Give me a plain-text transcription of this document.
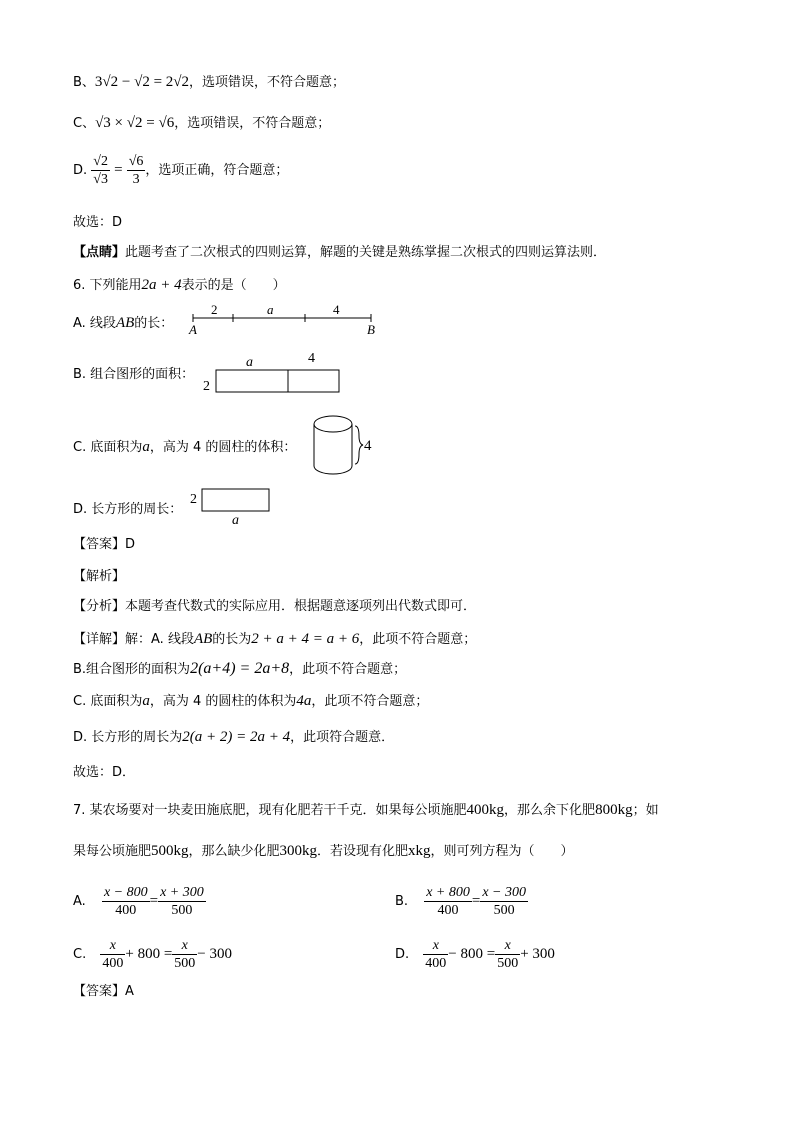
B、3√2 − √2 = 2√2，选项错误，不符合题意；
C、√3 × √2 = √6，选项错误，不符合题意；
D. $\frac{√2}{√3} = \frac{√6}{3}$ ，选项正确，符合题意；
故选：D
【点睛】此题考查了二次根式的四则运算，解题的关键是熟练掌握二次根式的四则运算法则．
6. 下列能用2a + 4表示的是（　　）
A. 线段AB的长：
2	a	4
A	B
B. 组合图形的面积：
a	4
2
C. 底面积为a，高为 4 的圆柱的体积：	4
D. 长方形的周长：
2
a
【答案】D
【解析】
【分析】本题考查代数式的实际应用．根据题意逐项列出代数式即可．
【详解】解：A. 线段AB的长为2 + a + 4 = a + 6，此项不符合题意；
B.组合图形的面积为2(a+4) = 2a+8，此项不符合题意；
C. 底面积为a，高为 4 的圆柱的体积为4a，此项不符合题意；
D. 长方形的周长为2(a + 2) = 2a + 4，此项符合题意．
故选：D．
7. 某农场要对一块麦田施底肥，现有化肥若干千克．如果每公顷施肥400kg，那么余下化肥800kg；如
果每公顷施肥500kg，那么缺少化肥300kg．若设现有化肥xkg，则可列方程为（　　）
A. $\frac{x - 800}{400} = \frac{x + 300}{500}$	B. $\frac{x + 800}{400} = \frac{x - 300}{500}$
C. $\frac{x}{400} + 800 = \frac{x}{500} - 300$	D. $\frac{x}{400} - 800 = \frac{x}{500} + 300$
【答案】A
